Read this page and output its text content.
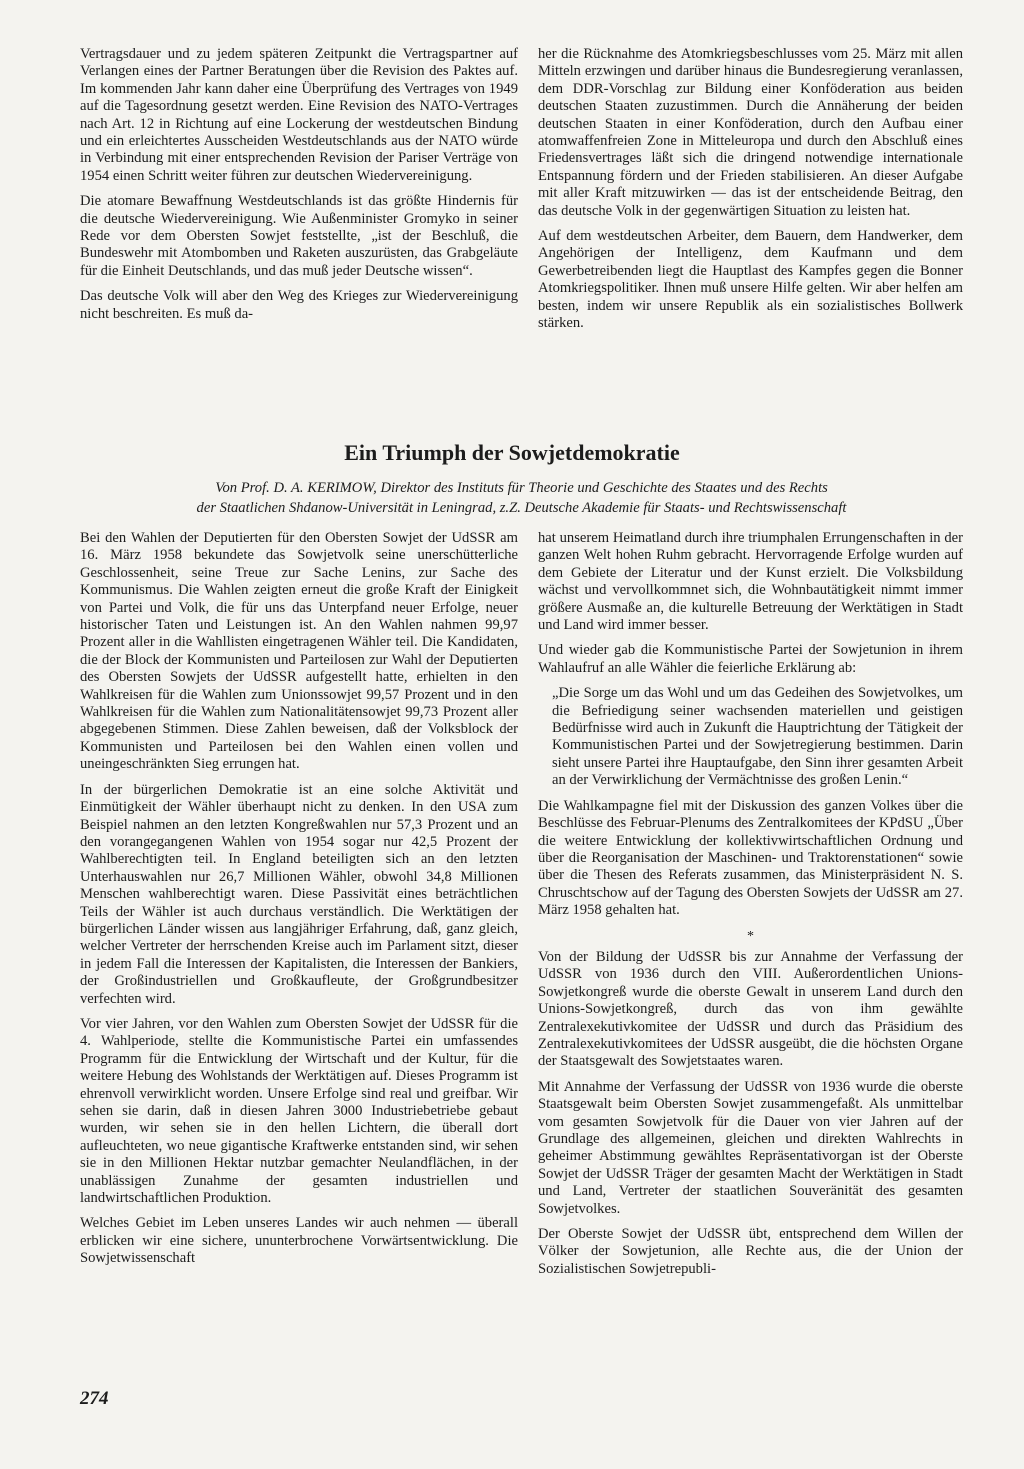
Vertragsdauer und zu jedem späteren Zeitpunkt die Vertragspartner auf Verlangen eines der Partner Beratungen über die Revision des Paktes auf. Im kommenden Jahr kann daher eine Überprüfung des Vertrages von 1949 auf die Tagesordnung gesetzt werden. Eine Revision des NATO-Vertrages nach Art. 12 in Richtung auf eine Lockerung der westdeutschen Bindung und ein erleichtertes Ausscheiden Westdeutschlands aus der NATO würde in Verbindung mit einer entsprechenden Revision der Pariser Verträge von 1954 einen Schritt weiter führen zur deutschen Wiedervereinigung.

Die atomare Bewaffnung Westdeutschlands ist das größte Hindernis für die deutsche Wiedervereinigung. Wie Außenminister Gromyko in seiner Rede vor dem Obersten Sowjet feststellte, „ist der Beschluß, die Bundeswehr mit Atombomben und Raketen auszurüsten, das Grabgeläute für die Einheit Deutschlands, und das muß jeder Deutsche wissen“.

Das deutsche Volk will aber den Weg des Krieges zur Wiedervereinigung nicht beschreiten. Es muß da-

her die Rücknahme des Atomkriegsbeschlusses vom 25. März mit allen Mitteln erzwingen und darüber hinaus die Bundesregierung veranlassen, dem DDR-Vorschlag zur Bildung einer Konföderation aus beiden deutschen Staaten zuzustimmen. Durch die Annäherung der beiden deutschen Staaten in einer Konföderation, durch den Aufbau einer atomwaffenfreien Zone in Mitteleuropa und durch den Abschluß eines Friedensvertrages läßt sich die dringend notwendige internationale Entspannung fördern und der Frieden stabilisieren. An dieser Aufgabe mit aller Kraft mitzuwirken — das ist der entscheidende Beitrag, den das deutsche Volk in der gegenwärtigen Situation zu leisten hat.

Auf dem westdeutschen Arbeiter, dem Bauern, dem Handwerker, dem Angehörigen der Intelligenz, dem Kaufmann und dem Gewerbetreibenden liegt die Hauptlast des Kampfes gegen die Bonner Atomkriegspolitiker. Ihnen muß unsere Hilfe gelten. Wir aber helfen am besten, indem wir unsere Republik als ein sozialistisches Bollwerk stärken.

Ein Triumph der Sowjetdemokratie
Von Prof. D. A. KERIMOW, Direktor des Instituts für Theorie und Geschichte des Staates und des Rechts
der Staatlichen Shdanow-Universität in Leningrad, z.Z. Deutsche Akademie für Staats- und Rechtswissenschaft

Bei den Wahlen der Deputierten für den Obersten Sowjet der UdSSR am 16. März 1958 bekundete das Sowjetvolk seine unerschütterliche Geschlossenheit, seine Treue zur Sache Lenins, zur Sache des Kommunismus. Die Wahlen zeigten erneut die große Kraft der Einigkeit von Partei und Volk, die für uns das Unterpfand neuer Erfolge, neuer historischer Taten und Leistungen ist. An den Wahlen nahmen 99,97 Prozent aller in die Wahllisten eingetragenen Wähler teil. Die Kandidaten, die der Block der Kommunisten und Parteilosen zur Wahl der Deputierten des Obersten Sowjets der UdSSR aufgestellt hatte, erhielten in den Wahlkreisen für die Wahlen zum Unionssowjet 99,57 Prozent und in den Wahlkreisen für die Wahlen zum Nationalitätensowjet 99,73 Prozent aller abgegebenen Stimmen. Diese Zahlen beweisen, daß der Volksblock der Kommunisten und Parteilosen bei den Wahlen einen vollen und uneingeschränkten Sieg errungen hat.

In der bürgerlichen Demokratie ist an eine solche Aktivität und Einmütigkeit der Wähler überhaupt nicht zu denken. In den USA zum Beispiel nahmen an den letzten Kongreßwahlen nur 57,3 Prozent und an den vorangegangenen Wahlen von 1954 sogar nur 42,5 Prozent der Wahlberechtigten teil. In England beteiligten sich an den letzten Unterhauswahlen nur 26,7 Millionen Wähler, obwohl 34,8 Millionen Menschen wahlberechtigt waren. Diese Passivität eines beträchtlichen Teils der Wähler ist auch durchaus verständlich. Die Werktätigen der bürgerlichen Länder wissen aus langjähriger Erfahrung, daß, ganz gleich, welcher Vertreter der herrschenden Kreise auch im Parlament sitzt, dieser in jedem Fall die Interessen der Kapitalisten, die Interessen der Bankiers, der Großindustriellen und Großkaufleute, der Großgrundbesitzer verfechten wird.

Vor vier Jahren, vor den Wahlen zum Obersten Sowjet der UdSSR für die 4. Wahlperiode, stellte die Kommunistische Partei ein umfassendes Programm für die Entwicklung der Wirtschaft und der Kultur, für die weitere Hebung des Wohlstands der Werktätigen auf. Dieses Programm ist ehrenvoll verwirklicht worden. Unsere Erfolge sind real und greifbar. Wir sehen sie darin, daß in diesen Jahren 3000 Industriebetriebe gebaut wurden, wir sehen sie in den hellen Lichtern, die überall dort aufleuchteten, wo neue gigantische Kraftwerke entstanden sind, wir sehen sie in den Millionen Hektar nutzbar gemachter Neulandflächen, in der unablässigen Zunahme der gesamten industriellen und landwirtschaftlichen Produktion.

Welches Gebiet im Leben unseres Landes wir auch nehmen — überall erblicken wir eine sichere, ununterbrochene Vorwärtsentwicklung. Die Sowjetwissenschaft

hat unserem Heimatland durch ihre triumphalen Errungenschaften in der ganzen Welt hohen Ruhm gebracht. Hervorragende Erfolge wurden auf dem Gebiete der Literatur und der Kunst erzielt. Die Volksbildung wächst und vervollkommnet sich, die Wohnbautätigkeit nimmt immer größere Ausmaße an, die kulturelle Betreuung der Werktätigen in Stadt und Land wird immer besser.

Und wieder gab die Kommunistische Partei der Sowjetunion in ihrem Wahlaufruf an alle Wähler die feierliche Erklärung ab:

„Die Sorge um das Wohl und um das Gedeihen des Sowjetvolkes, um die Befriedigung seiner wachsenden materiellen und geistigen Bedürfnisse wird auch in Zukunft die Hauptrichtung der Tätigkeit der Kommunistischen Partei und der Sowjetregierung bestimmen. Darin sieht unsere Partei ihre Hauptaufgabe, den Sinn ihrer gesamten Arbeit an der Verwirklichung der Vermächtnisse des großen Lenin.“

Die Wahlkampagne fiel mit der Diskussion des ganzen Volkes über die Beschlüsse des Februar-Plenums des Zentralkomitees der KPdSU „Über die weitere Entwicklung der kollektivwirtschaftlichen Ordnung und über die Reorganisation der Maschinen- und Traktorenstationen“ sowie über die Thesen des Referats zusammen, das Ministerpräsident N. S. Chruschtschow auf der Tagung des Obersten Sowjets der UdSSR am 27. März 1958 gehalten hat.

*

Von der Bildung der UdSSR bis zur Annahme der Verfassung der UdSSR von 1936 durch den VIII. Außerordentlichen Unions-Sowjetkongreß wurde die oberste Gewalt in unserem Land durch den Unions-Sowjetkongreß, durch das von ihm gewählte Zentralexekutivkomitee der UdSSR und durch das Präsidium des Zentralexekutivkomitees der UdSSR ausgeübt, die die höchsten Organe der Staatsgewalt des Sowjetstaates waren.

Mit Annahme der Verfassung der UdSSR von 1936 wurde die oberste Staatsgewalt beim Obersten Sowjet zusammengefaßt. Als unmittelbar vom gesamten Sowjetvolk für die Dauer von vier Jahren auf der Grundlage des allgemeinen, gleichen und direkten Wahlrechts in geheimer Abstimmung gewähltes Repräsentativorgan ist der Oberste Sowjet der UdSSR Träger der gesamten Macht der Werktätigen in Stadt und Land, Vertreter der staatlichen Souveränität des gesamten Sowjetvolkes.

Der Oberste Sowjet der UdSSR übt, entsprechend dem Willen der Völker der Sowjetunion, alle Rechte aus, die der Union der Sozialistischen Sowjetrepubli-

274
